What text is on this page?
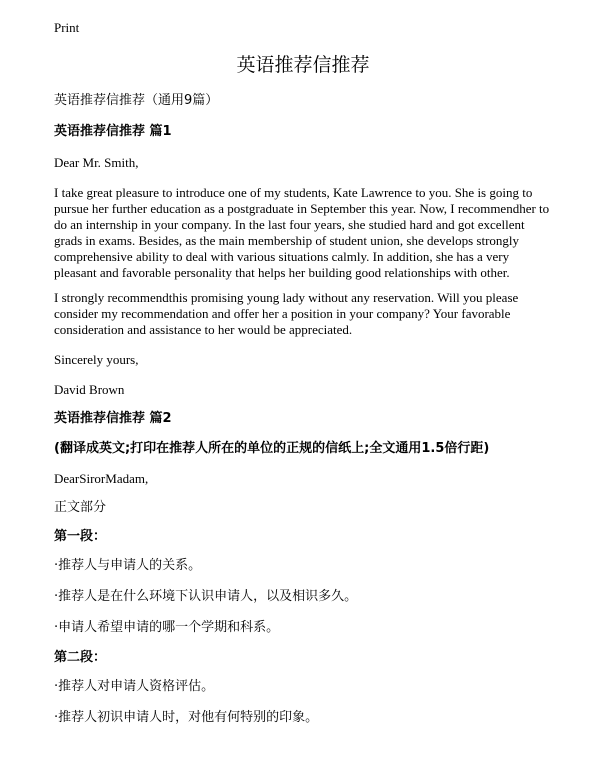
Print
英语推荐信推荐
英语推荐信推荐（通用9篇）
英语推荐信推荐 篇1

Dear Mr. Smith,

I take great pleasure to introduce one of my students, Kate Lawrence to you. She is going to pursue her further education as a postgraduate in September this year. Now, I recommendher to do an internship in your company. In the last four years, she studied hard and got excellent grads in exams. Besides, as the main membership of student union, she develops strongly comprehensive ability to deal with various situations calmly. In addition, she has a very pleasant and favorable personality that helps her building good relationships with other.

I strongly recommendthis promising young lady without any reservation. Will you please consider my recommendation and offer her a position in your company? Your favorable consideration and assistance to her would be appreciated.

Sincerely yours,

David Brown

英语推荐信推荐 篇2
(翻译成英文;打印在推荐人所在的单位的正规的信纸上;全文通用1.5倍行距)

DearSirorMadam,

正文部分
第一段：
·推荐人与申请人的关系。
·推荐人是在什么环境下认识申请人，以及相识多久。
·申请人希望申请的哪一个学期和科系。
第二段：
·推荐人对申请人资格评估。
·推荐人初识申请人时，对他有何特别的印象。
